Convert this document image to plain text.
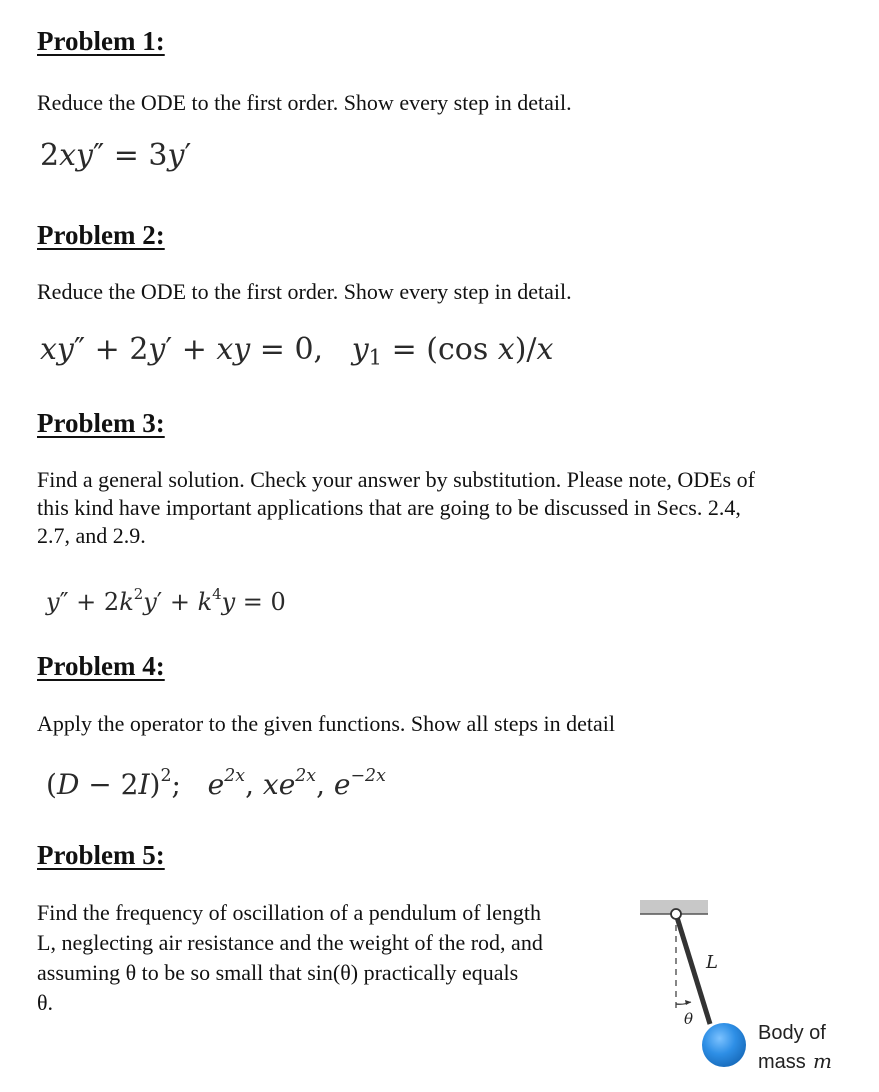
Problem 1:
Reduce the ODE to the first order. Show every step in detail.
2xy″ = 3y′
Problem 2:
Reduce the ODE to the first order. Show every step in detail.
xy″ + 2y′ + xy = 0, $y_1 = (\cos$ x)/x
Problem 3:
Find a general solution. Check your answer by substitution. Please note, ODEs of
this kind have important applications that are going to be discussed in Secs. 2.4,
2.7, and 2.9.
$y'' + 2k^2y' + k^4y = 0$
Problem 4:
Apply the operator to the given functions. Show all steps in detail
$(D - 2I)^2$; $e^{2x}$, $xe^{2x}$, $e^{-2x}$
Problem 5:
Find the frequency of oscillation of a pendulum of length
L, neglecting air resistance and the weight of the rod, and
assuming θ to be so small that sin(θ) practically equals
θ.
θ
L
Body of
mass m
